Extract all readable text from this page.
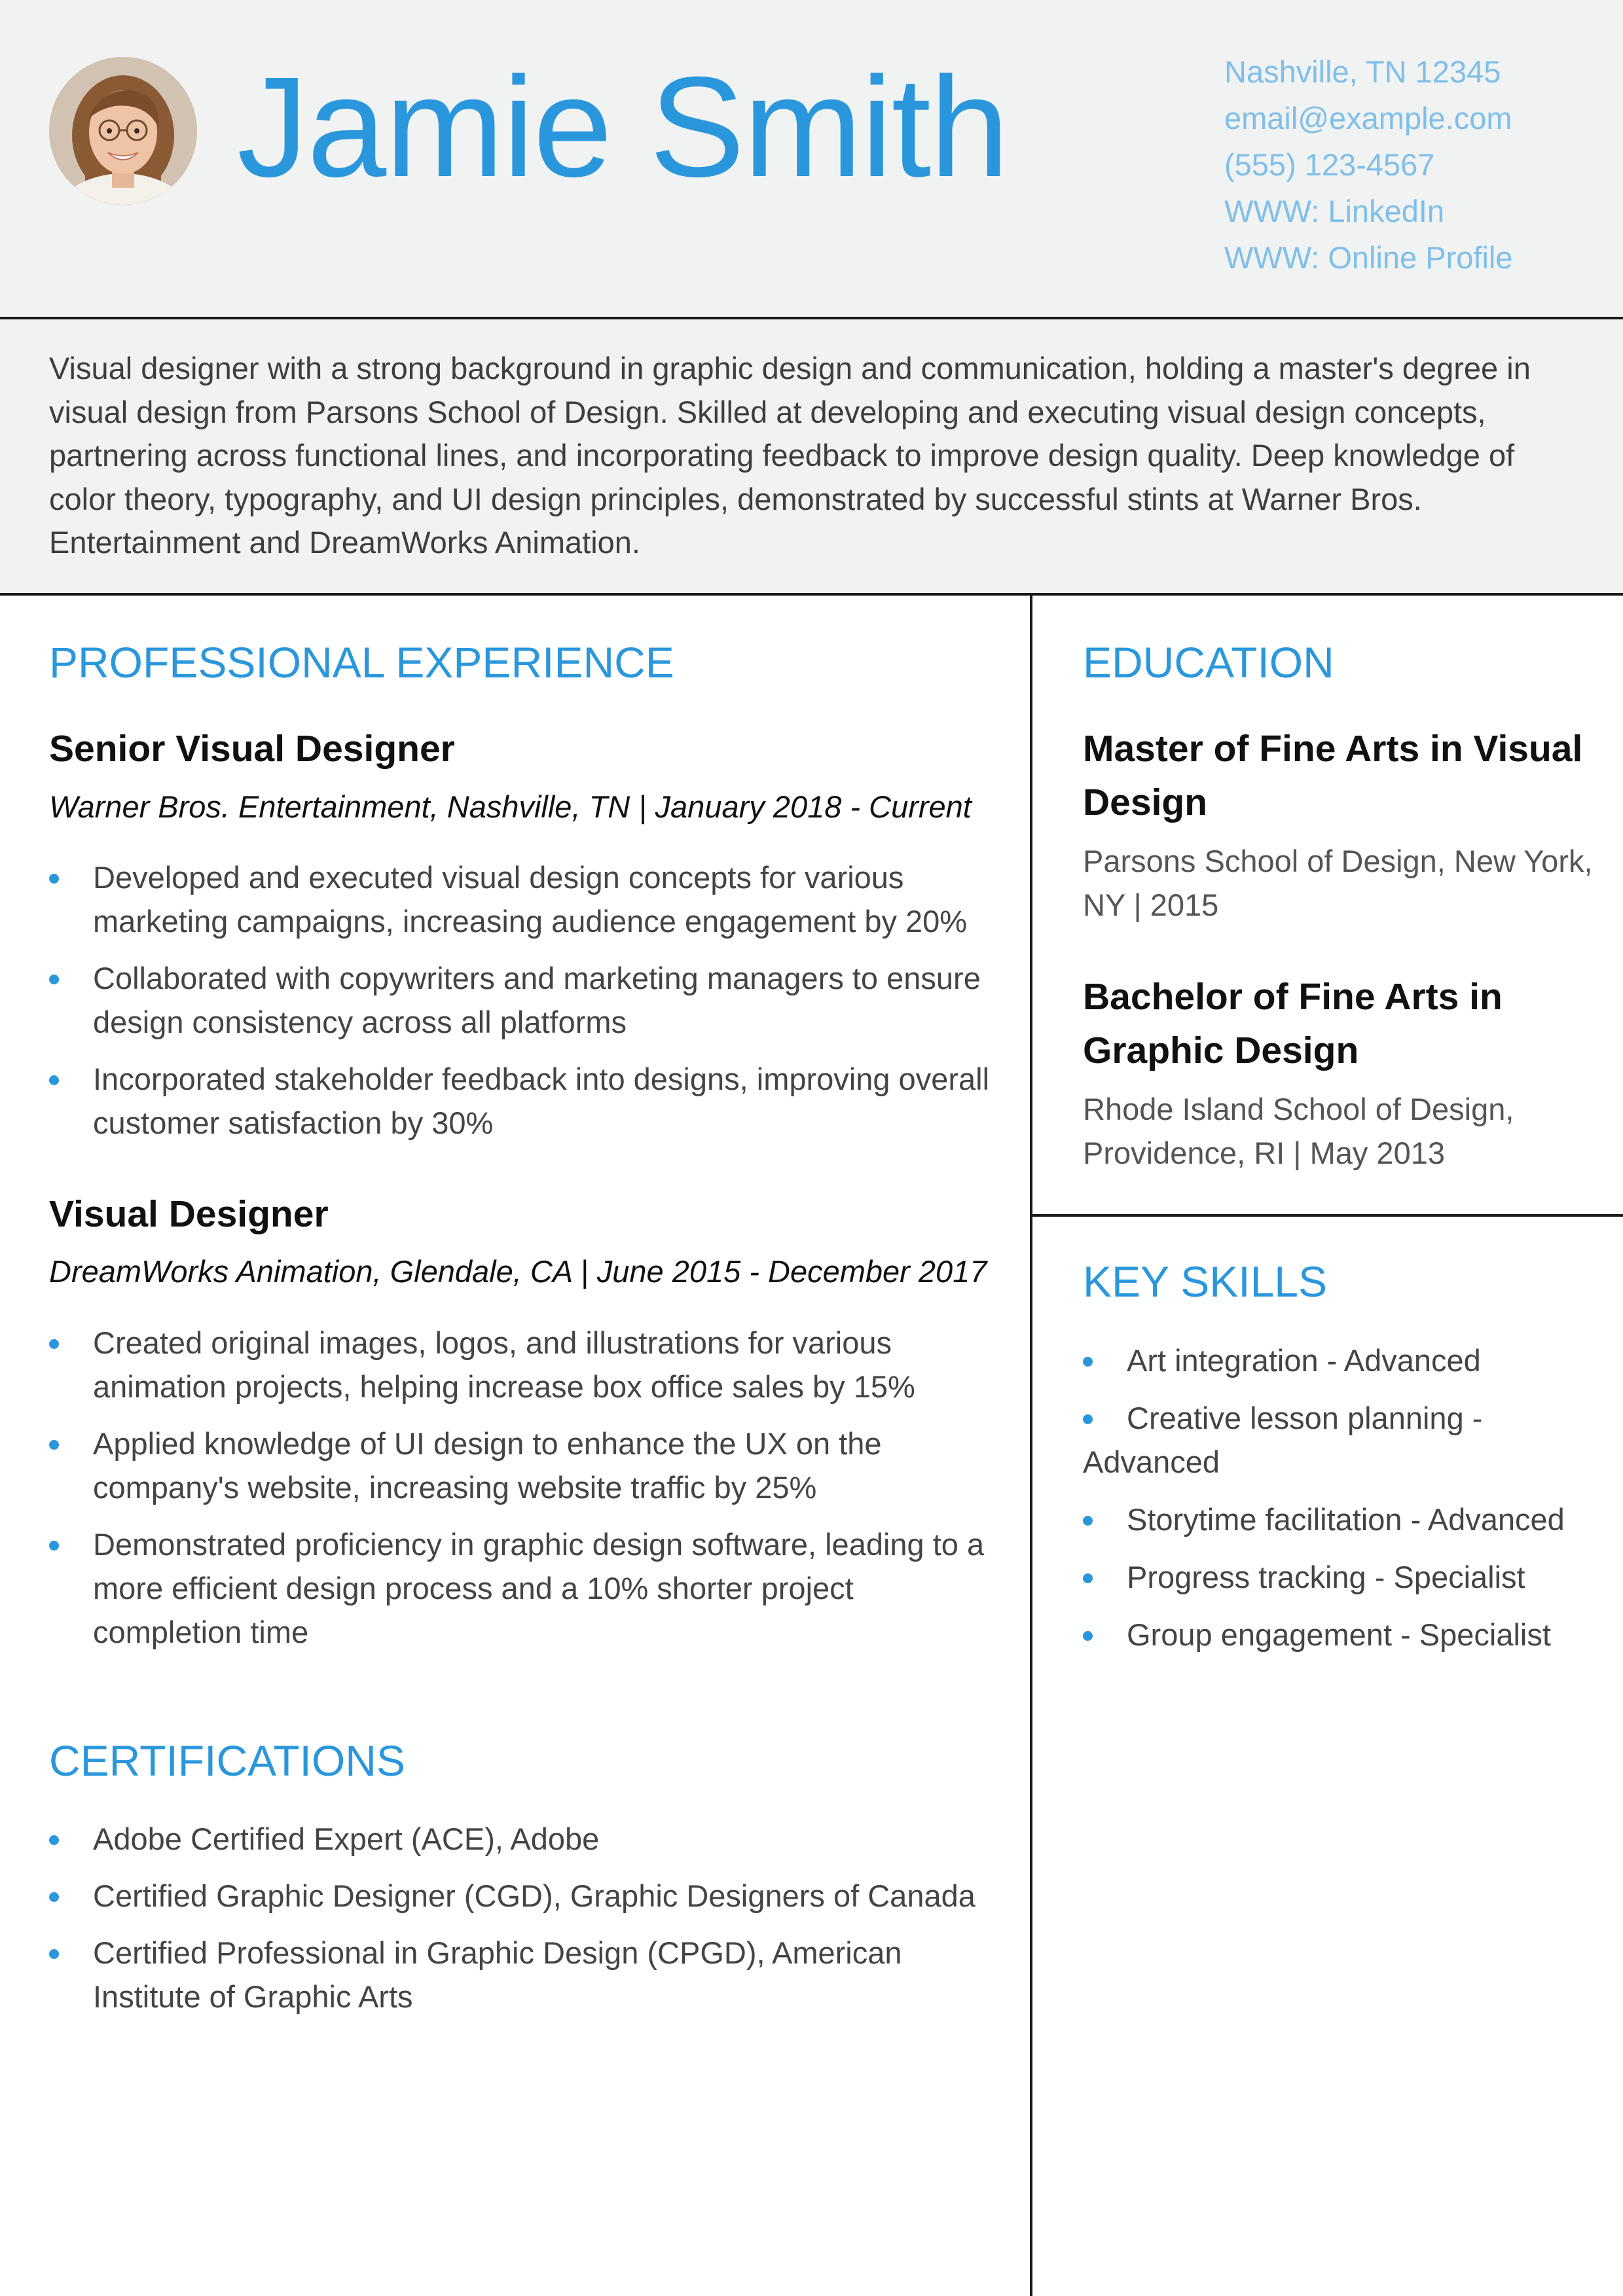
Jamie Smith	Nashville, TN 12345
email@example.com
(555) 123-4567
WWW: LinkedIn
WWW: Online Profile

Visual designer with a strong background in graphic design and communication, holding a master's degree in visual design from Parsons School of Design. Skilled at developing and executing visual design concepts, partnering across functional lines, and incorporating feedback to improve design quality. Deep knowledge of color theory, typography, and UI design principles, demonstrated by successful stints at Warner Bros. Entertainment and DreamWorks Animation.

PROFESSIONAL EXPERIENCE
Senior Visual Designer

Warner Bros. Entertainment, Nashville, TN | January 2018 - Current

Developed and executed visual design concepts for various marketing campaigns, increasing audience engagement by 20%
Collaborated with copywriters and marketing managers to ensure design consistency across all platforms
Incorporated stakeholder feedback into designs, improving overall customer satisfaction by 30%
Visual Designer

DreamWorks Animation, Glendale, CA | June 2015 - December 2017

Created original images, logos, and illustrations for various animation projects, helping increase box office sales by 15%
Applied knowledge of UI design to enhance the UX on the company's website, increasing website traffic by 25%
Demonstrated proficiency in graphic design software, leading to a more efficient design process and a 10% shorter project completion time
CERTIFICATIONS
Adobe Certified Expert (ACE), Adobe
Certified Graphic Designer (CGD), Graphic Designers of Canada
Certified Professional in Graphic Design (CPGD), American Institute of Graphic Arts
EDUCATION
Master of Fine Arts in Visual Design

Parsons School of Design, New York, NY | 2015

Bachelor of Fine Arts in Graphic Design

Rhode Island School of Design, Providence, RI | May 2013

KEY SKILLS
Art integration - Advanced
Creative lesson planning - Advanced
Storytime facilitation - Advanced
Progress tracking - Specialist
Group engagement - Specialist
